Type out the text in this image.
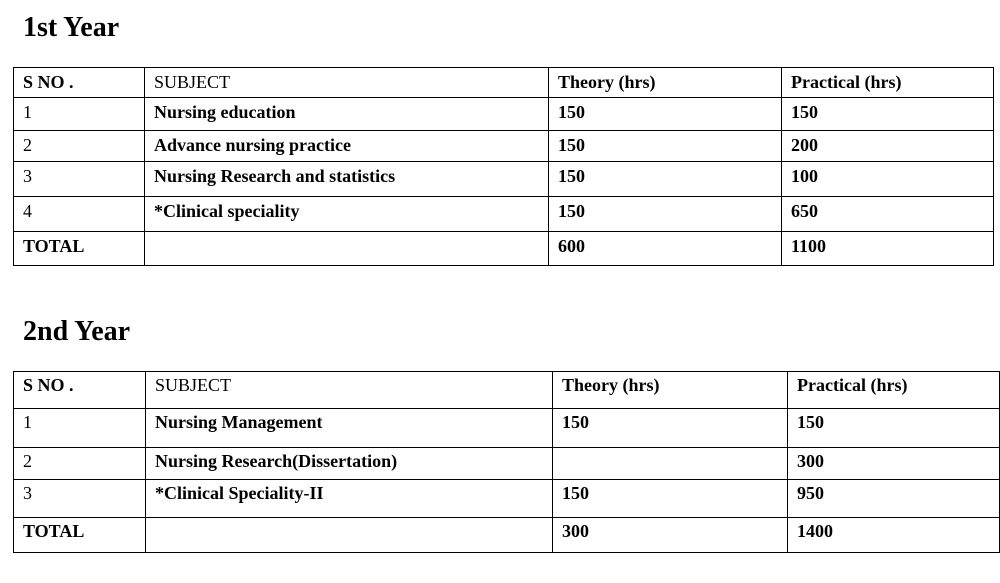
1st Year
S NO .	SUBJECT	Theory (hrs)	Practical (hrs)
1	Nursing education	150	150
2	Advance nursing practice	150	200
3	Nursing Research and statistics	150	100
4	*Clinical speciality	150	650
TOTAL		600	1100
2nd Year
S NO .	SUBJECT	Theory (hrs)	Practical (hrs)
1	Nursing Management	150	150
2	Nursing Research(Dissertation)		300
3	*Clinical Speciality-II	150	950
TOTAL		300	1400
